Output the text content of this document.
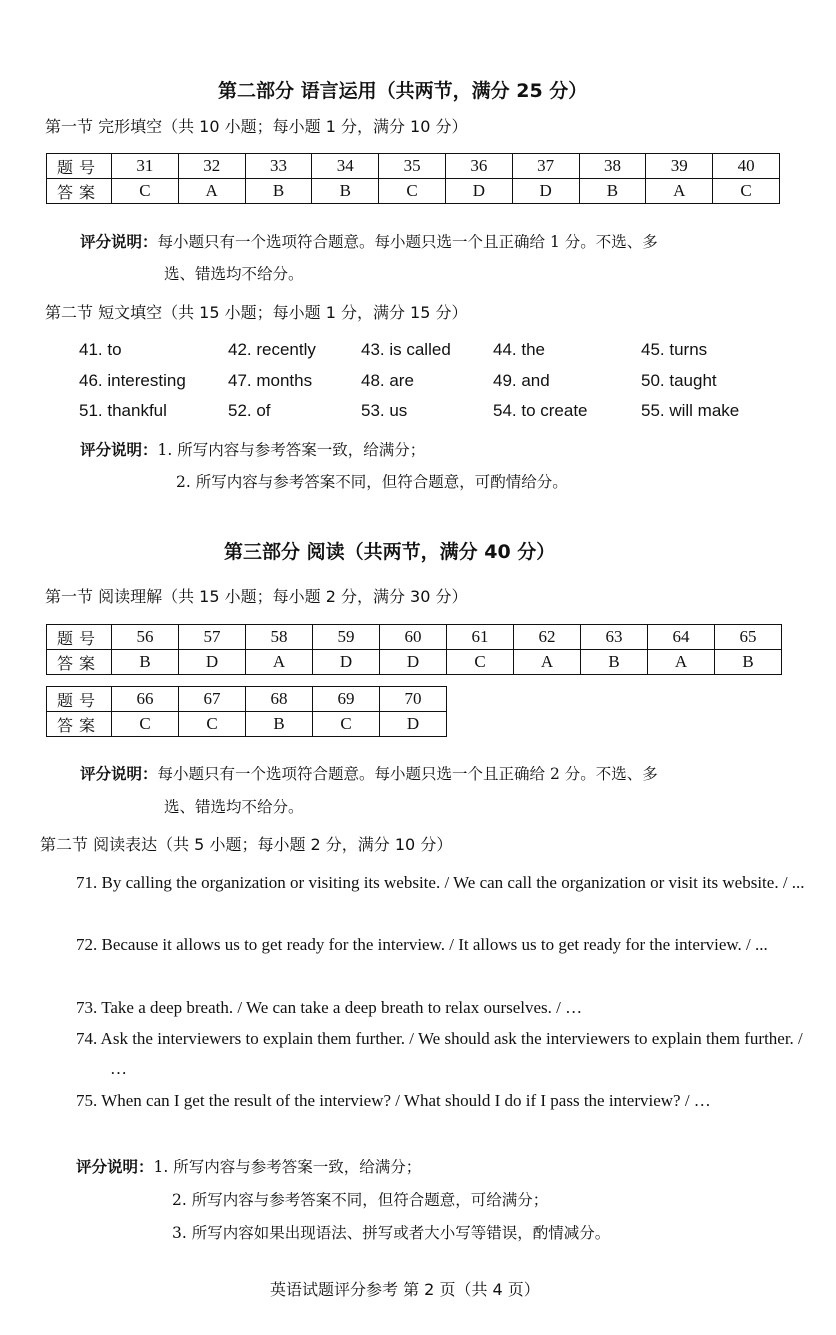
第二部分 语言运用（共两节，满分 25 分）
第一节 完形填空（共 10 小题；每小题 1 分，满分 10 分）
题号	31	32	33	34	35	36	37	38	39	40
答案	C	A	B	B	C	D	D	B	A	C
评分说明：每小题只有一个选项符合题意。每小题只选一个且正确给 1 分。不选、多
选、错选均不给分。
第二节 短文填空（共 15 小题；每小题 1 分，满分 15 分）
41. to	42. recently	43. is called 44. the	45. turns
46. interesting 47. months	48. are	49. and	50. taught
51. thankful	52. of	53. us	54. to create	55. will make
评分说明：1. 所写内容与参考答案一致，给满分；
2. 所写内容与参考答案不同，但符合题意，可酌情给分。
第三部分 阅读（共两节，满分 40 分）
第一节 阅读理解（共 15 小题；每小题 2 分，满分 30 分）
题号	56	57	58	59	60	61	62	63	64	65
答案	B	D	A	D	D	C	A	B	A	B
题号	66	67	68	69	70
答案	C	C	B	C	D
评分说明：每小题只有一个选项符合题意。每小题只选一个且正确给 2 分。不选、多
选、错选均不给分。
第二节 阅读表达（共 5 小题；每小题 2 分，满分 10 分）
71. By calling the organization or visiting its website. / We can call the organization or visit its website. / ...
72. Because it allows us to get ready for the interview. / It allows us to get ready for the interview. / ...
73. Take a deep breath. / We can take a deep breath to relax ourselves. / …
74. Ask the interviewers to explain them further. / We should ask the interviewers to explain them further. / …
75. When can I get the result of the interview? / What should I do if I pass the interview? / …
评分说明：1. 所写内容与参考答案一致，给满分；
2. 所写内容与参考答案不同，但符合题意，可给满分；
3. 所写内容如果出现语法、拼写或者大小写等错误，酌情减分。
英语试题评分参考 第 2 页（共 4 页）
